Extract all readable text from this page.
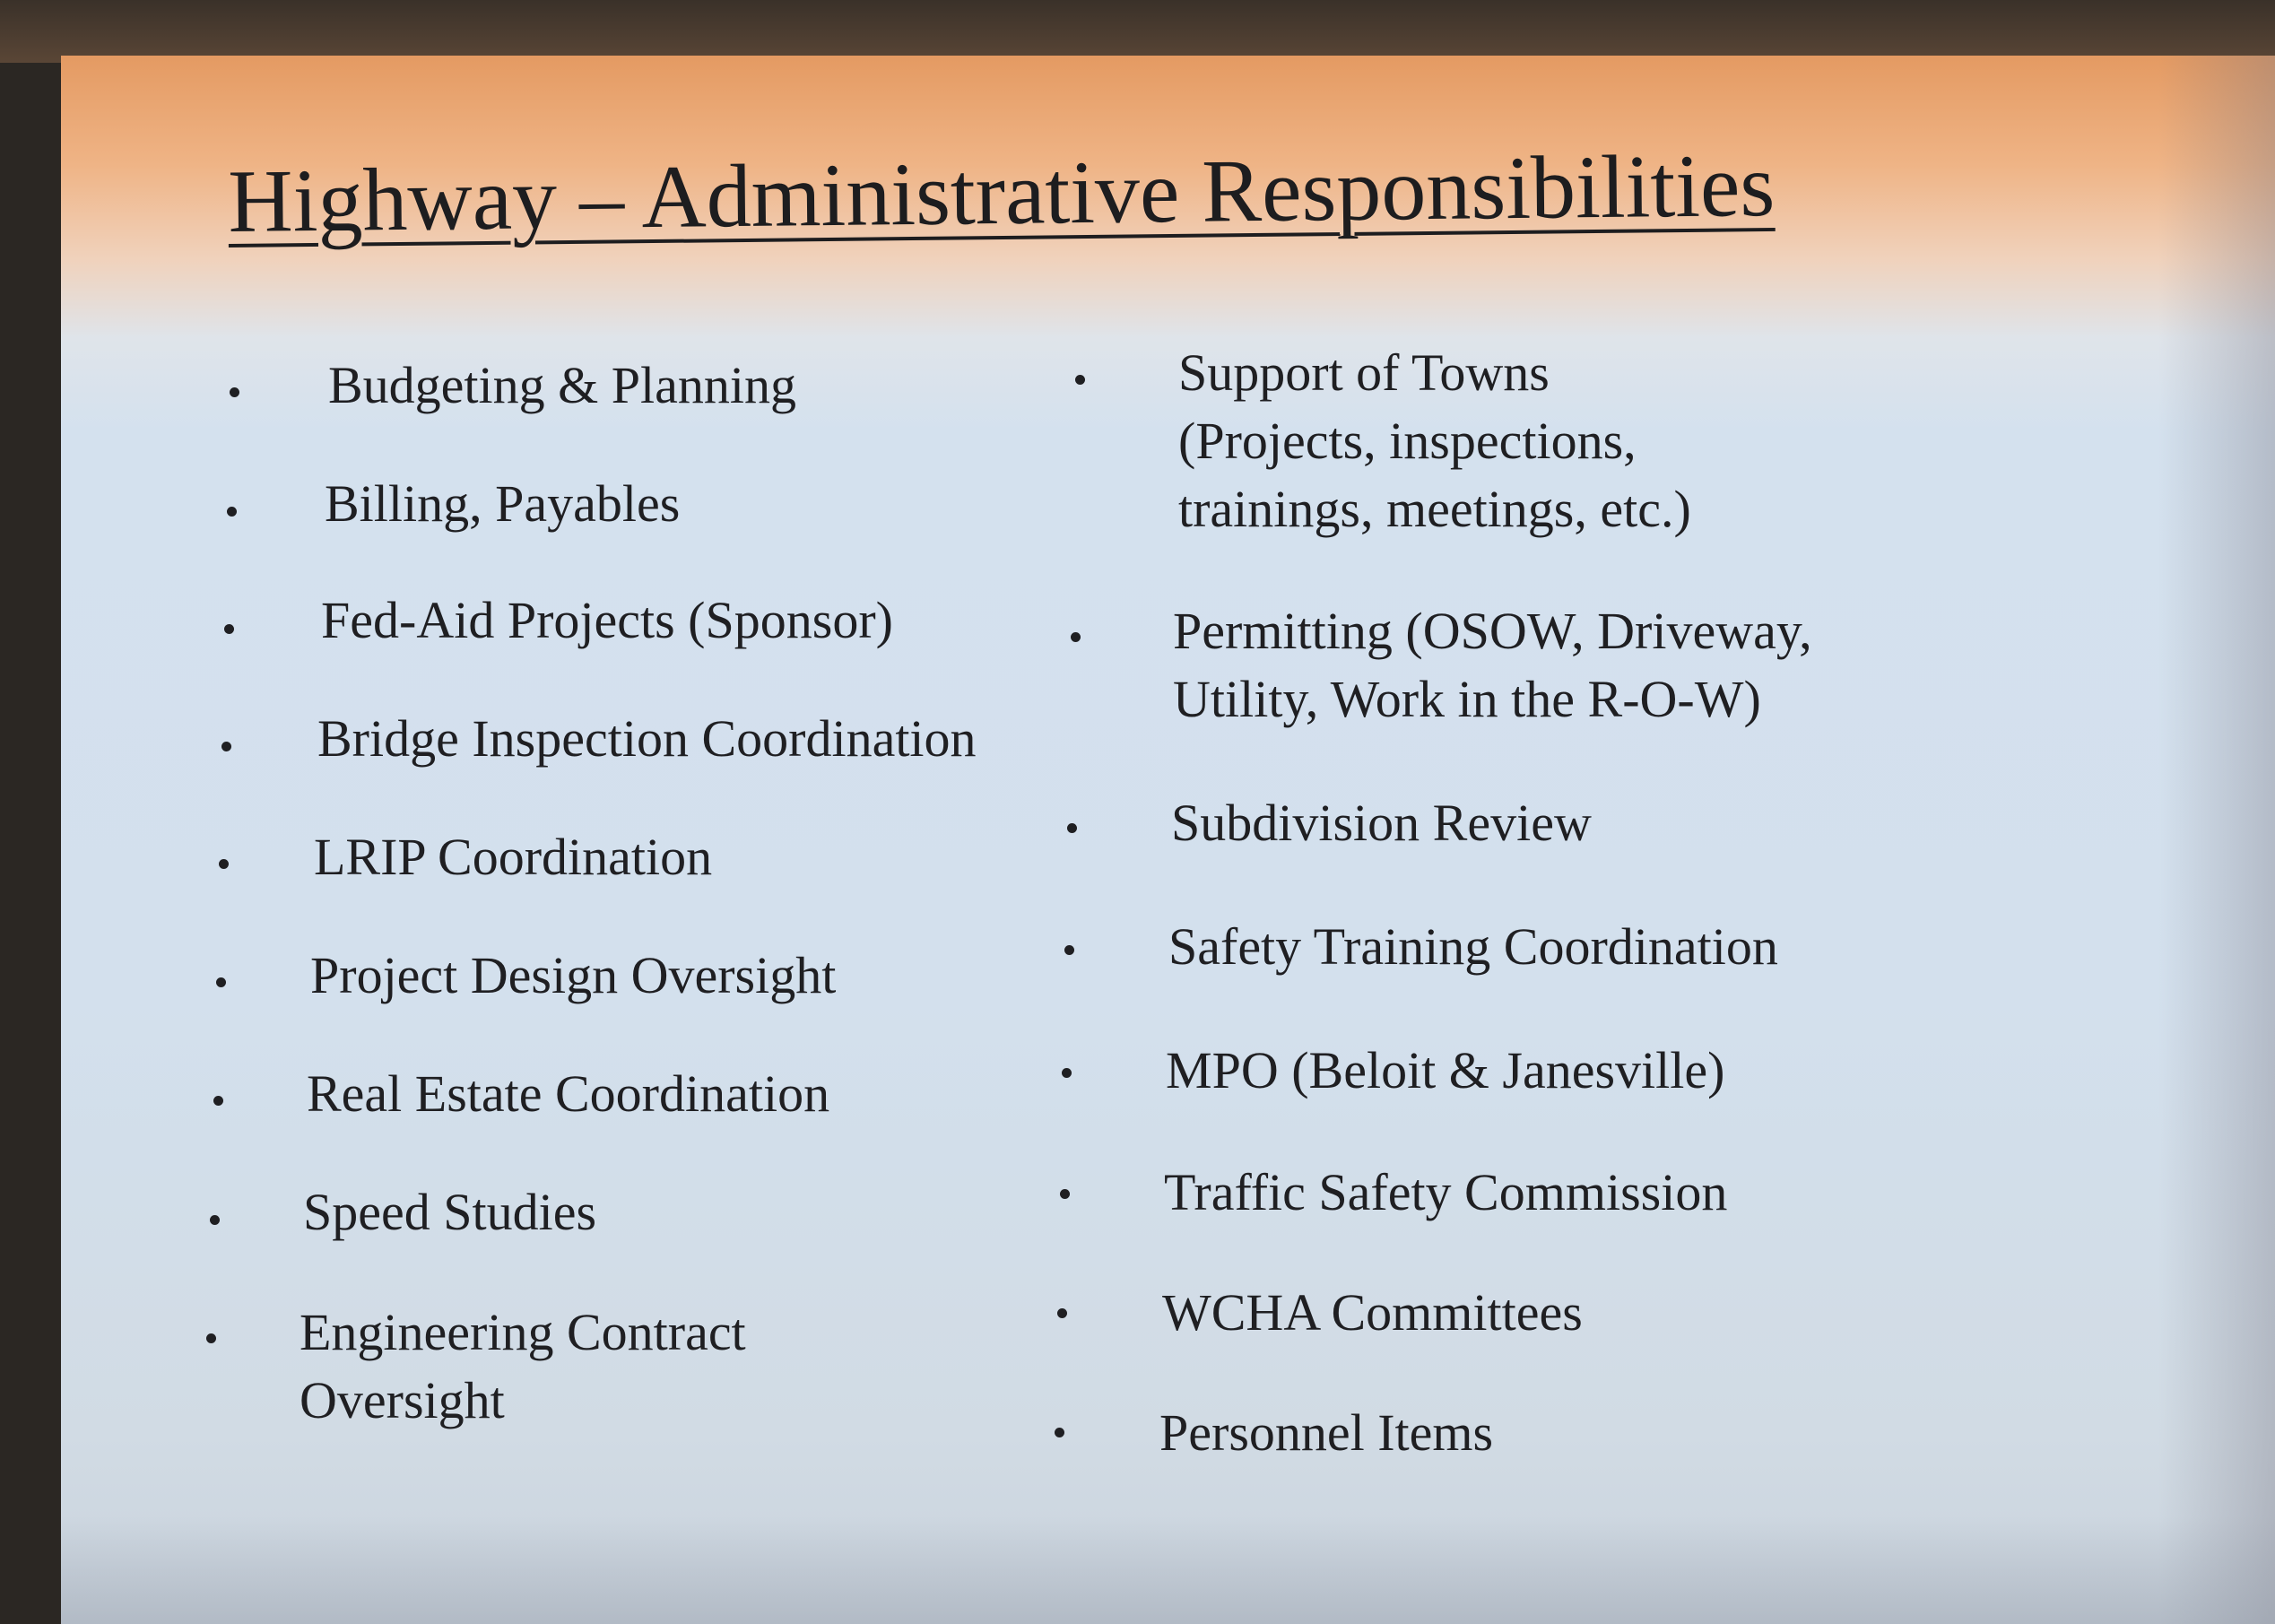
Highway – Administrative Responsibilities
Budgeting & Planning
Billing, Payables
Fed-Aid Projects (Sponsor)
Bridge Inspection Coordination
LRIP Coordination
Project Design Oversight
Real Estate Coordination
Speed Studies
Engineering Contract
Oversight
Support of Towns
(Projects, inspections,
trainings, meetings, etc.)
Permitting (OSOW, Driveway,
Utility, Work in the R-O-W)
Subdivision Review
Safety Training Coordination
MPO (Beloit & Janesville)
Traffic Safety Commission
WCHA Committees
Personnel Items
